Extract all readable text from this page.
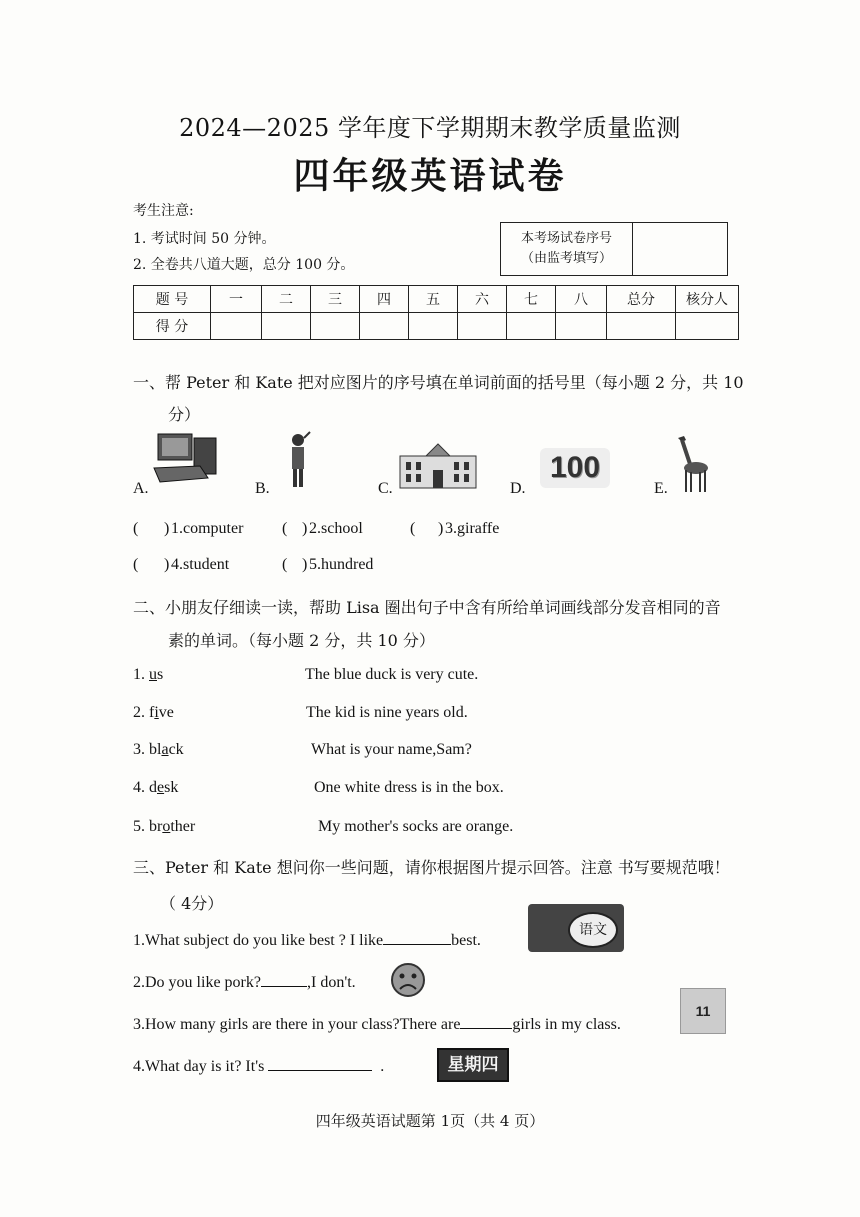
2024—2025 学年度下学期期末教学质量监测
四年级英语试卷
考生注意:
1. 考试时间 50 分钟。
2. 全卷共八道大题，总分 100 分。
本考场试卷序号
（由监考填写）
题 号	一	二	三	四	五	六	七	八	总分	核分人
得 分										
一、帮 Peter 和 Kate 把对应图片的序号填在单词前面的括号里（每小题 2 分，共 10
分）
A.	B.	C.	D.
100
E.
( ) 1.computer ( ) 2.school	( ) 3.giraffe
( ) 4.student	( ) 5.hundred
二、小朋友仔细读一读，帮助 Lisa 圈出句子中含有所给单词画线部分发音相同的音
素的单词。（每小题 2 分，共 10 分）
1. us	The blue duck is very cute.
2. five	The kid is nine years old.
3. black	What is your name,Sam?
4. desk	One white dress is in the box.
5. brother	My mother's socks are orange.
三、Peter 和 Kate 想问你一些问题，请你根据图片提示回答。注意 书写要规范哦！
（ 4分）
1.What subject do you like best ? I like	best.
语文
2.Do you like pork?	,I don't.
3.How many girls are there in your class?There are	girls in my class.
11
4.What day is it? It's	.	星期四
四年级英语试题第 1页（共 4 页）
